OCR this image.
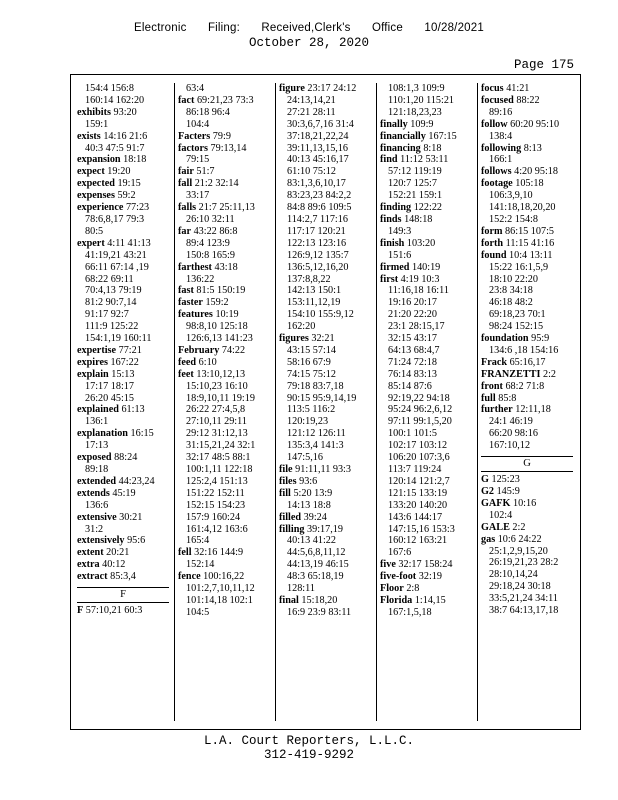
Electronic Filing: Received,Clerk's Office 10/28/2021
October 28, 2020
Page 175
154:4 156:8
160:14 162:20
exhibits 93:20
159:1
exists 14:16 21:6
40:3 47:5 91:7
expansion 18:18
expect 19:20
expected 19:15
expenses 59:2
experience 77:23
78:6,8,17 79:3
80:5
expert 4:11 41:13
41:19,21 43:21
66:11 67:14 ,19
68:22 69:11
70:4,13 79:19
81:2 90:7,14
91:17 92:7
111:9 125:22
154:1,19 160:11
expertise 77:21
expires 167:22
explain 15:13
17:17 18:17
26:20 45:15
explained 61:13
136:1
explanation 16:15
17:13
exposed 88:24
89:18
extended 44:23,24
extends 45:19
136:6
extensive 30:21
31:2
extensively 95:6
extent 20:21
extra 40:12
extract 85:3,4
F
F 57:10,21 60:3
63:4
fact 69:21,23 73:3
86:18 96:4
104:4
Facters 79:9
factors 79:13,14
79:15
fair 51:7
fall 21:2 32:14
33:17
falls 21:7 25:11,13
26:10 32:11
far 43:22 86:8
89:4 123:9
150:8 165:9
farthest 43:18
136:22
fast 81:5 150:19
faster 159:2
features 10:19
98:8,10 125:18
126:6,13 141:23
February 74:22
feed 6:10
feet 13:10,12,13
15:10,23 16:10
18:9,10,11 19:19
26:22 27:4,5,8
27:10,11 29:11
29:12 31:12,13
31:15,21,24 32:1
32:17 48:5 88:1
100:1,11 122:18
125:2,4 151:13
151:22 152:11
152:15 154:23
157:9 160:24
161:4,12 163:6
165:4
fell 32:16 144:9
152:14
fence 100:16,22
101:2,7,10,11,12
101:14,18 102:1
104:5
figure 23:17 24:12
24:13,14,21
27:21 28:11
30:3,6,7,16 31:4
37:18,21,22,24
39:11,13,15,16
40:13 45:16,17
61:10 75:12
83:1,3,6,10,17
83:23,23 84:2,2
84:8 89:6 109:5
114:2,7 117:16
117:17 120:21
122:13 123:16
126:9,12 135:7
136:5,12,16,20
137:8,8,22
142:13 150:1
153:11,12,19
154:10 155:9,12
162:20
figures 32:21
43:15 57:14
58:16 67:9
74:15 75:12
79:18 83:7,18
90:15 95:9,14,19
113:5 116:2
120:19,23
121:12 126:11
135:3,4 141:3
147:5,16
file 91:11,11 93:3
files 93:6
fill 5:20 13:9
14:13 18:8
filled 39:24
filling 39:17,19
40:13 41:22
44:5,6,8,11,12
44:13,19 46:15
48:3 65:18,19
128:11
final 15:18,20
16:9 23:9 83:11
108:1,3 109:9
110:1,20 115:21
121:18,23,23
finally 109:9
financially 167:15
financing 8:18
find 11:12 53:11
57:12 119:19
120:7 125:7
152:21 159:1
finding 122:22
finds 148:18
149:3
finish 103:20
151:6
firmed 140:19
first 4:19 10:3
11:16,18 16:11
19:16 20:17
21:20 22:20
23:1 28:15,17
32:15 43:17
64:13 68:4,7
71:24 72:18
76:14 83:13
85:14 87:6
92:19,22 94:18
95:24 96:2,6,12
97:11 99:1,5,20
100:1 101:5
102:17 103:12
106:20 107:3,6
113:7 119:24
120:14 121:2,7
121:15 133:19
133:20 140:20
143:6 144:17
147:15,16 153:3
160:12 163:21
167:6
five 32:17 158:24
five-foot 32:19
Floor 2:8
Florida 1:14,15
167:1,5,18
focus 41:21
focused 88:22
89:16
follow 60:20 95:10
138:4
following 8:13
166:1
follows 4:20 95:18
footage 105:18
106:3,9,10
141:18,18,20,20
152:2 154:8
form 86:15 107:5
forth 11:15 41:16
found 10:4 13:11
15:22 16:1,5,9
18:10 22:20
23:8 34:18
46:18 48:2
69:18,23 70:1
98:24 152:15
foundation 95:9
134:6 ,18 154:16
Frack 65:16,17
FRANZETTI 2:2
front 68:2 71:8
full 85:8
further 12:11,18
24:1 46:19
66:20 98:16
167:10,12
G
G 125:23
G2 145:9
GAFK 10:16
102:4
GALE 2:2
gas 10:6 24:22
25:1,2,9,15,20
26:19,21,23 28:2
28:10,14,24
29:18,24 30:18
33:5,21,24 34:11
38:7 64:13,17,18
L.A. Court Reporters, L.L.C.
312-419-9292
